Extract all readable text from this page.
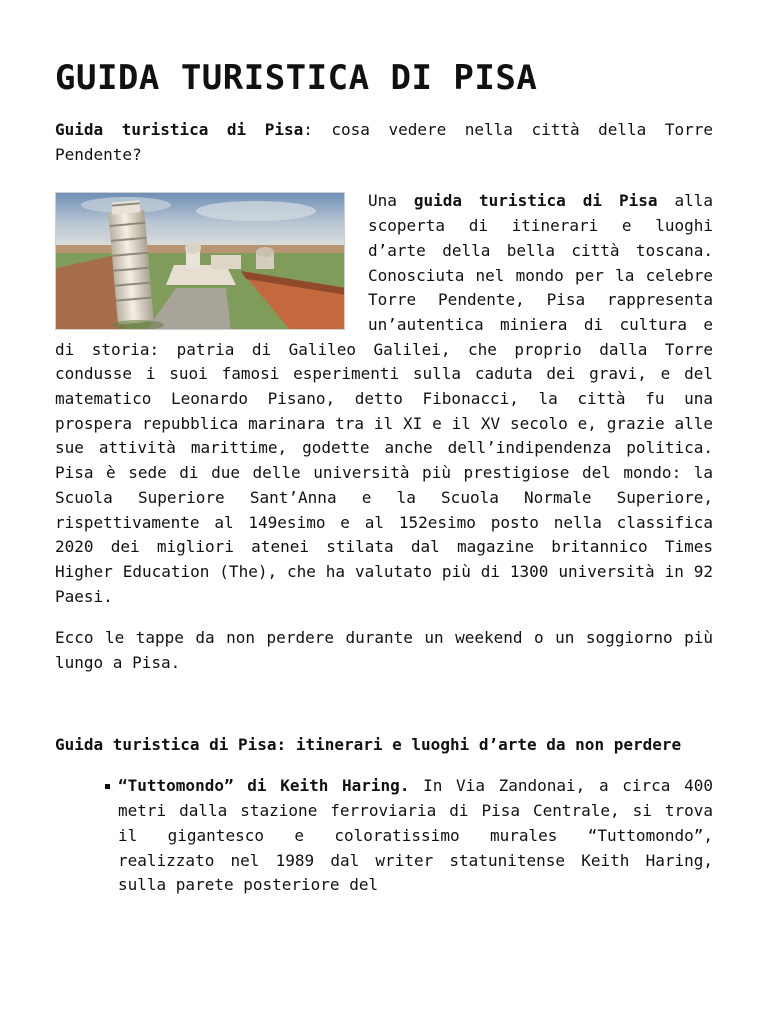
GUIDA TURISTICA DI PISA

Guida turistica di Pisa: cosa vedere nella città della Torre Pendente?

Una guida turistica di Pisa alla scoperta di itinerari e luoghi d’arte della bella città toscana. Conosciuta nel mondo per la celebre Torre Pendente, Pisa rappresenta un’autentica miniera di cultura e di storia: patria di Galileo Galilei, che proprio dalla Torre condusse i suoi famosi esperimenti sulla caduta dei gravi, e del matematico Leonardo Pisano, detto Fibonacci, la città fu una prospera repubblica marinara tra il XI e il XV secolo e, grazie alle sue attività marittime, godette anche dell’indipendenza politica. Pisa è sede di due delle università più prestigiose del mondo: la Scuola Superiore Sant’Anna e la Scuola Normale Superiore, rispettivamente al 149esimo e al 152esimo posto nella classifica 2020 dei migliori atenei stilata dal magazine britannico Times Higher Education (The), che ha valutato più di 1300 università in 92 Paesi.

Ecco le tappe da non perdere durante un weekend o un soggiorno più lungo a Pisa.

Guida turistica di Pisa: itinerari e luoghi d’arte da non perdere

“Tuttomondo” di Keith Haring. In Via Zandonai, a circa 400 metri dalla stazione ferroviaria di Pisa Centrale, si trova il gigantesco e coloratissimo murales “Tuttomondo”, realizzato nel 1989 dal writer statunitense Keith Haring, sulla parete posteriore del
